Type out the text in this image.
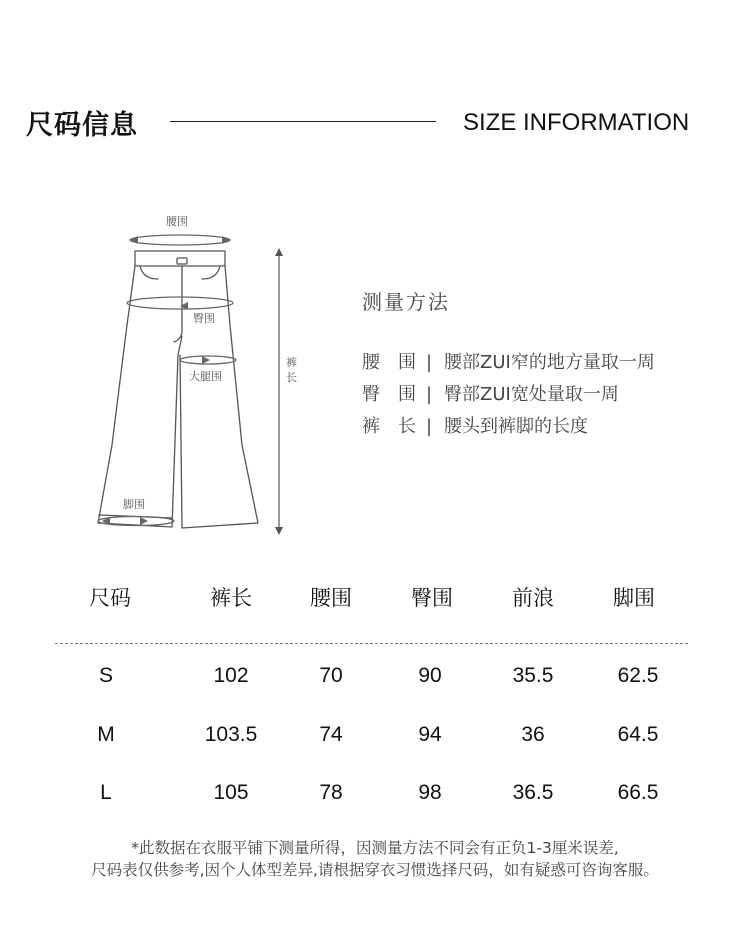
尺码信息	SIZE INFORMATION
腰围
臀围
大腿围
脚围
裤
长
测量方法
腰　围 | 腰部ZUI窄的地方量取一周
臀　围 | 臀部ZUI宽处量取一周
裤　长 | 腰头到裤脚的长度
尺码	裤长	腰围	臀围	前浪	脚围
S	102	70	90	35.5	62.5
M	103.5	74	94	36	64.5
L	105	78	98	36.5	66.5
*此数据在衣服平铺下测量所得，因测量方法不同会有正负1-3厘米误差,
尺码表仅供参考,因个人体型差异,请根据穿衣习惯选择尺码，如有疑惑可咨询客服。
